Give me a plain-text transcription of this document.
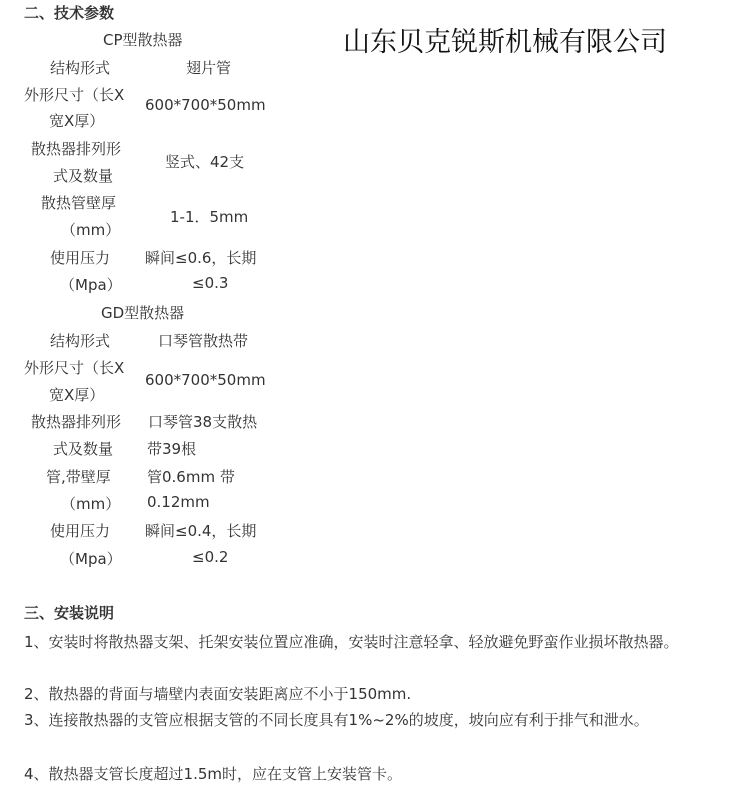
二、技术参数
山东贝克锐斯机械有限公司
CP型散热器
结构形式	翅片管
外形尺寸（长X
宽X厚）
600*700*50mm
散热器排列形
式及数量
竖式、42支
散热管壁厚
（mm）
1-1．5mm
使用压力
（Mpa）
瞬间≤0.6，长期
≤0.3
GD型散热器
结构形式	口琴管散热带
外形尺寸（长X
宽X厚）
600*700*50mm
散热器排列形
式及数量
口琴管38支散热
带39根
管,带壁厚
（mm）
管0.6mm 带
0.12mm
使用压力
（Mpa）
瞬间≤0.4，长期
≤0.2
三、安装说明
1、安装时将散热器支架、托架安装位置应准确，安装时注意轻拿、轻放避免野蛮作业损坏散热器。
2、散热器的背面与墙壁内表面安装距离应不小于150mm.
3、连接散热器的支管应根据支管的不同长度具有1%~2%的坡度，坡向应有利于排气和泄水。
4、散热器支管长度超过1.5m时，应在支管上安装管卡。
